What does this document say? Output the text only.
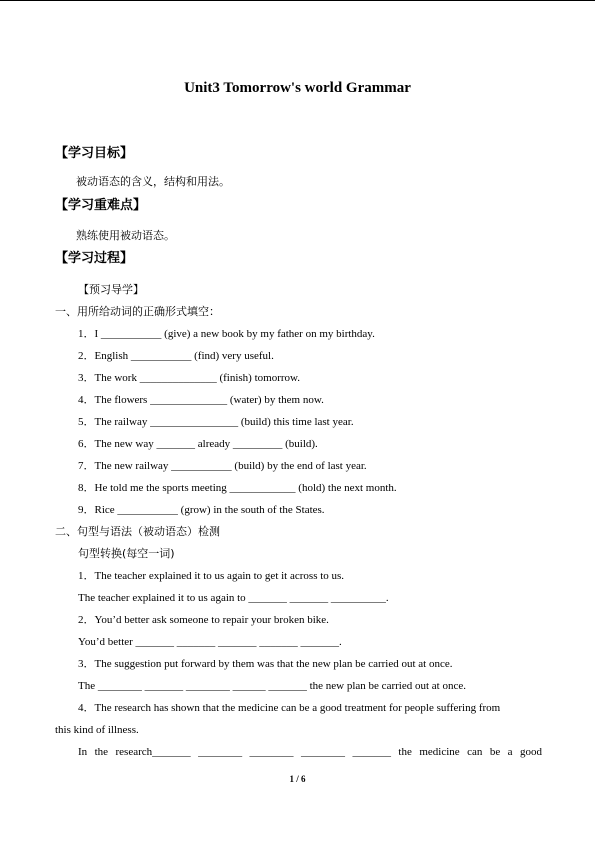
Unit3 Tomorrow's world Grammar
【学习目标】
被动语态的含义，结构和用法。
【学习重难点】
熟练使用被动语态。
【学习过程】
【预习导学】
一、用所给动词的正确形式填空：
1．I ___________ (give) a new book by my father on my birthday.
2．English ___________ (find) very useful.
3．The work ______________ (finish) tomorrow.
4．The flowers ______________ (water) by them now.
5．The railway ________________ (build) this time last year.
6．The new way _______ already _________ (build).
7．The new railway ___________ (build) by the end of last year.
8．He told me the sports meeting ____________ (hold) the next month.
9．Rice ___________ (grow) in the south of the States.
二、句型与语法（被动语态）检测
句型转换(每空一词)
1．The teacher explained it to us again to get it across to us.
The teacher explained it to us again to _______ _______ __________.
2．You’d better ask someone to repair your broken bike.
You’d better _______ _______ _______ _______ _______.
3．The suggestion put forward by them was that the new plan be carried out at once.
The ________ _______ ________ ______ _______ the new plan be carried out at once.
4．The research has shown that the medicine can be a good treatment for people suffering from
this kind of illness.
In the research_______ ________ ________ ________ _______ the medicine can be a good
1 / 6
